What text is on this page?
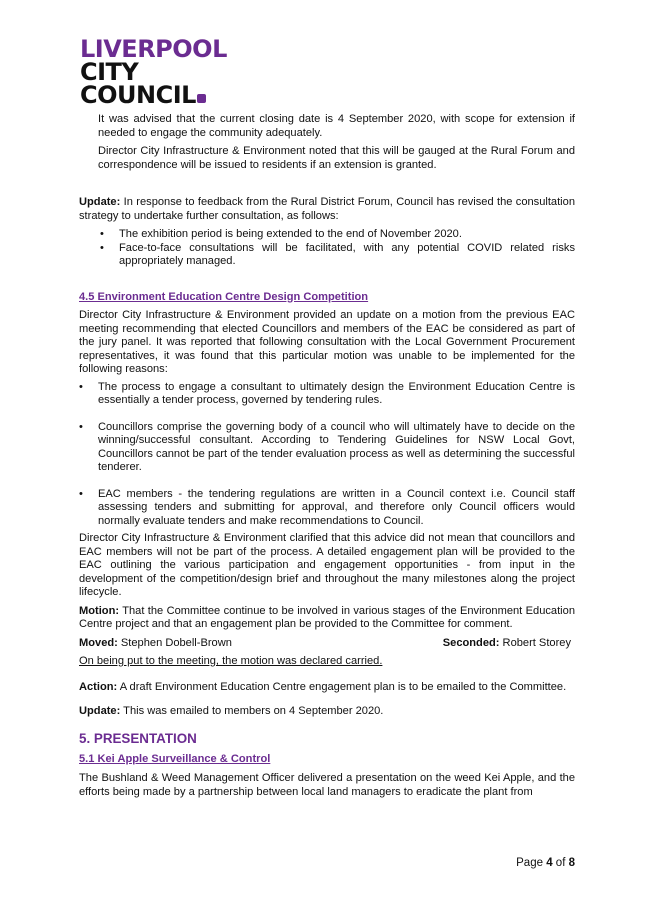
LIVERPOOL
CITY
COUNCIL

It was advised that the current closing date is 4 September 2020, with scope for extension if needed to engage the community adequately.

Director City Infrastructure & Environment noted that this will be gauged at the Rural Forum and correspondence will be issued to residents if an extension is granted.

Update: In response to feedback from the Rural District Forum, Council has revised the consultation strategy to undertake further consultation, as follows:

• The exhibition period is being extended to the end of November 2020.
• Face-to-face consultations will be facilitated, with any potential COVID related risks appropriately managed.

4.5 Environment Education Centre Design Competition

Director City Infrastructure & Environment provided an update on a motion from the previous EAC meeting recommending that elected Councillors and members of the EAC be considered as part of the jury panel. It was reported that following consultation with the Local Government Procurement representatives, it was found that this particular motion was unable to be implemented for the following reasons:

• The process to engage a consultant to ultimately design the Environment Education Centre is essentially a tender process, governed by tendering rules.
• Councillors comprise the governing body of a council who will ultimately have to decide on the winning/successful consultant. According to Tendering Guidelines for NSW Local Govt, Councillors cannot be part of the tender evaluation process as well as determining the successful tenderer.
• EAC members - the tendering regulations are written in a Council context i.e. Council staff assessing tenders and submitting for approval, and therefore only Council officers would normally evaluate tenders and make recommendations to Council.

Director City Infrastructure & Environment clarified that this advice did not mean that councillors and EAC members will not be part of the process. A detailed engagement plan will be provided to the EAC outlining the various participation and engagement opportunities - from input in the development of the competition/design brief and throughout the many milestones along the project lifecycle.

Motion: That the Committee continue to be involved in various stages of the Environment Education Centre project and that an engagement plan be provided to the Committee for comment.

Moved: Stephen Dobell-Brown	Seconded: Robert Storey

On being put to the meeting, the motion was declared carried.

Action: A draft Environment Education Centre engagement plan is to be emailed to the Committee.

Update: This was emailed to members on 4 September 2020.

5. PRESENTATION

5.1 Kei Apple Surveillance & Control

The Bushland & Weed Management Officer delivered a presentation on the weed Kei Apple, and the efforts being made by a partnership between local land managers to eradicate the plant from

Page 4 of 8
